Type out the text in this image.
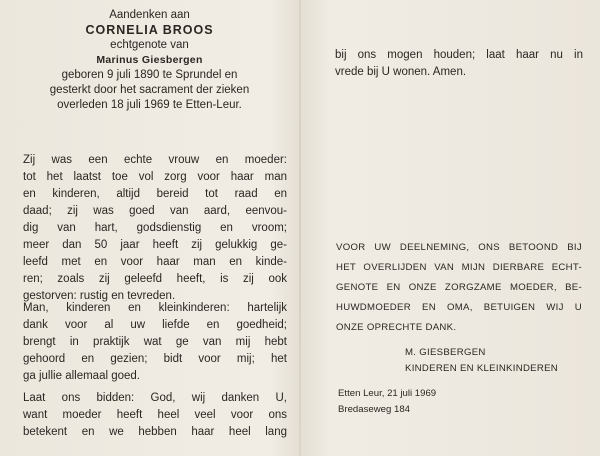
Aandenken aan
CORNELIA BROOS
echtgenote van
Marinus Giesbergen
geboren 9 juli 1890 te Sprundel en
gesterkt door het sacrament der zieken
overleden 18 juli 1969 te Etten-Leur.
Zij was een echte vrouw en moeder:
tot het laatst toe vol zorg voor haar man
en kinderen, altijd bereid tot raad en
daad; zij was goed van aard, eenvou-
dig van hart, godsdienstig en vroom;
meer dan 50 jaar heeft zij gelukkig ge-
leefd met en voor haar man en kinde-
ren; zoals zij geleefd heeft, is zij ook
gestorven: rustig en tevreden.
Man, kinderen en kleinkinderen: hartelijk
dank voor al uw liefde en goedheid;
brengt in praktijk wat ge van mij hebt
gehoord en gezien; bidt voor mij; het
ga jullie allemaal goed.
Laat ons bidden: God, wij danken U,
want moeder heeft heel veel voor ons
betekent en we hebben haar heel lang
bij ons mogen houden; laat haar nu in
vrede bij U wonen. Amen.
VOOR UW DEELNEMING, ONS BETOOND BIJ
HET OVERLIJDEN VAN MIJN DIERBARE ECHT-
GENOTE EN ONZE ZORGZAME MOEDER, BE-
HUWDMOEDER EN OMA, BETUIGEN WIJ U
ONZE OPRECHTE DANK.
M. GIESBERGEN
KINDEREN EN KLEINKINDEREN
Etten Leur, 21 juli 1969
Bredaseweg 184
